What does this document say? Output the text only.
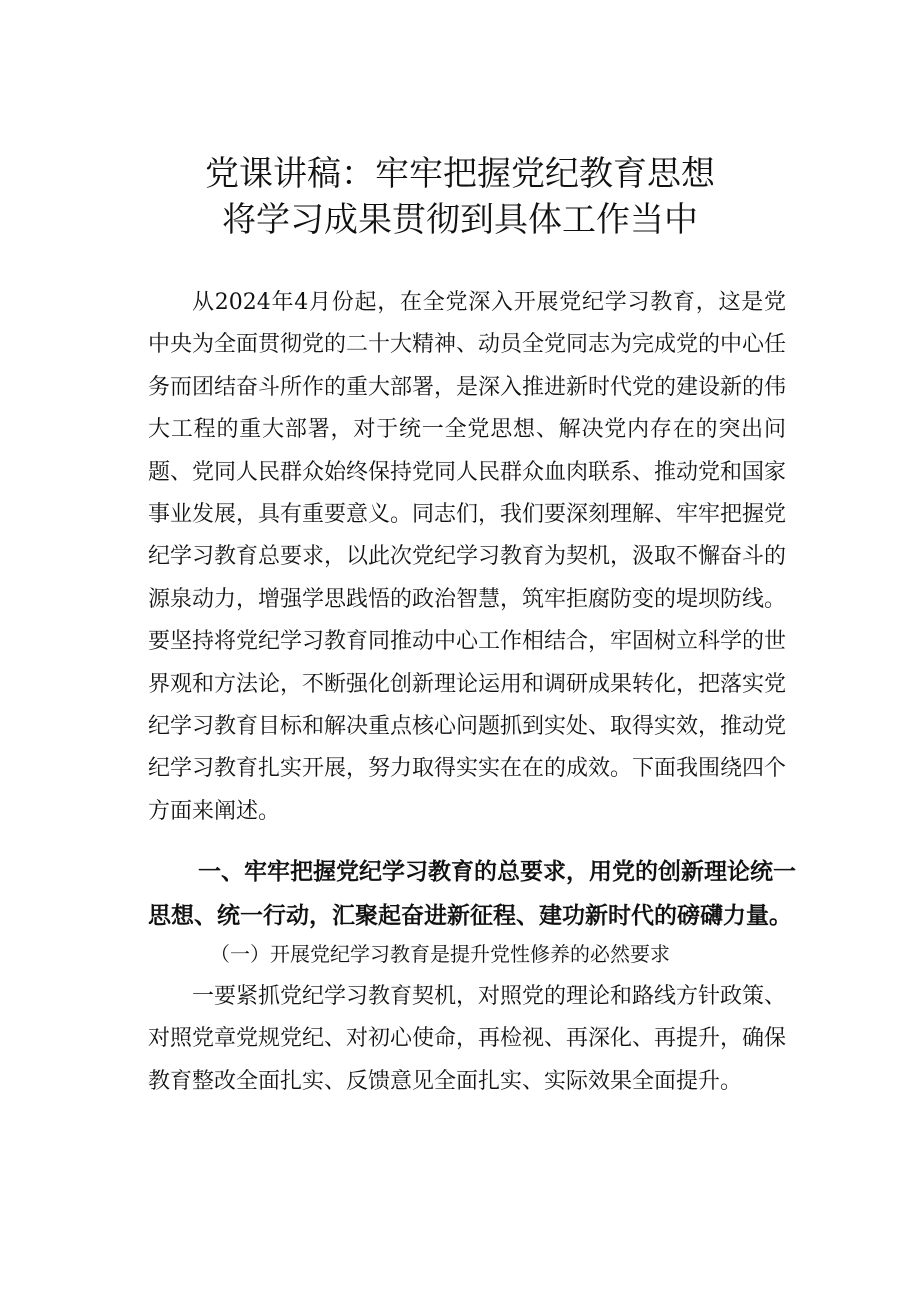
党课讲稿：牢牢把握党纪教育思想
将学习成果贯彻到具体工作当中

从2024年4月份起，在全党深入开展党纪学习教育，这是党中央为全面贯彻党的二十大精神、动员全党同志为完成党的中心任务而团结奋斗所作的重大部署，是深入推进新时代党的建设新的伟大工程的重大部署，对于统一全党思想、解决党内存在的突出问题、党同人民群众始终保持党同人民群众血肉联系、推动党和国家事业发展，具有重要意义。同志们，我们要深刻理解、牢牢把握党纪学习教育总要求，以此次党纪学习教育为契机，汲取不懈奋斗的源泉动力，增强学思践悟的政治智慧，筑牢拒腐防变的堤坝防线。要坚持将党纪学习教育同推动中心工作相结合，牢固树立科学的世界观和方法论，不断强化创新理论运用和调研成果转化，把落实党纪学习教育目标和解决重点核心问题抓到实处、取得实效，推动党纪学习教育扎实开展，努力取得实实在在的成效。下面我围绕四个方面来阐述。

一、牢牢把握党纪学习教育的总要求，用党的创新理论统一思想、统一行动，汇聚起奋进新征程、建功新时代的磅礴力量。

（一）开展党纪学习教育是提升党性修养的必然要求

一要紧抓党纪学习教育契机，对照党的理论和路线方针政策、对照党章党规党纪、对初心使命，再检视、再深化、再提升，确保教育整改全面扎实、反馈意见全面扎实、实际效果全面提升。
